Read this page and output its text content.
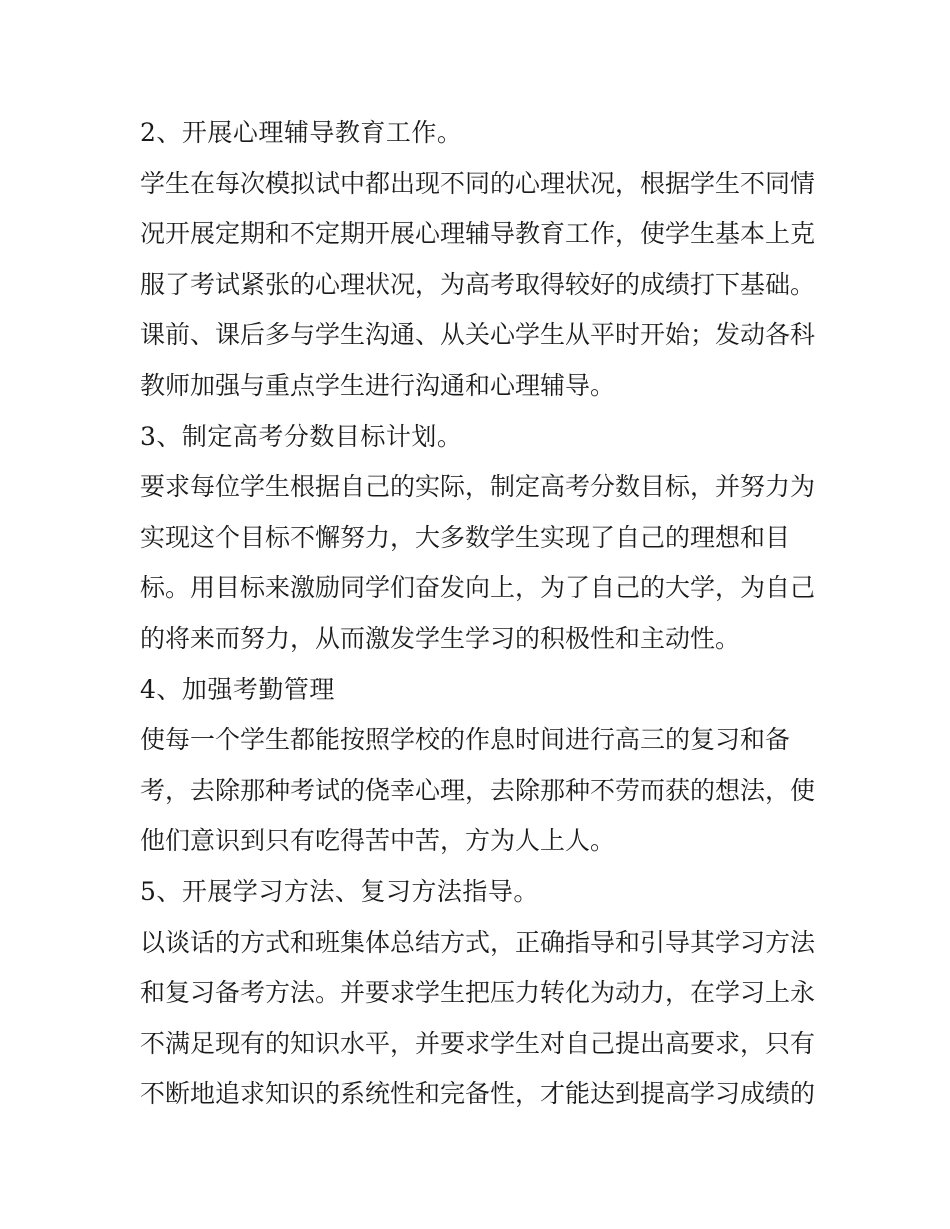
2、开展心理辅导教育工作。
学生在每次模拟试中都出现不同的心理状况，根据学生不同情
况开展定期和不定期开展心理辅导教育工作，使学生基本上克
服了考试紧张的心理状况，为高考取得较好的成绩打下基础。
课前、课后多与学生沟通、从关心学生从平时开始；发动各科
教师加强与重点学生进行沟通和心理辅导。
3、制定高考分数目标计划。
要求每位学生根据自己的实际，制定高考分数目标，并努力为
实现这个目标不懈努力，大多数学生实现了自己的理想和目
标。用目标来激励同学们奋发向上，为了自己的大学，为自己
的将来而努力，从而激发学生学习的积极性和主动性。
4、加强考勤管理
使每一个学生都能按照学校的作息时间进行高三的复习和备
考，去除那种考试的侥幸心理，去除那种不劳而获的想法，使
他们意识到只有吃得苦中苦，方为人上人。
5、开展学习方法、复习方法指导。
以谈话的方式和班集体总结方式，正确指导和引导其学习方法
和复习备考方法。并要求学生把压力转化为动力，在学习上永
不满足现有的知识水平，并要求学生对自己提出高要求，只有
不断地追求知识的系统性和完备性，才能达到提高学习成绩的
